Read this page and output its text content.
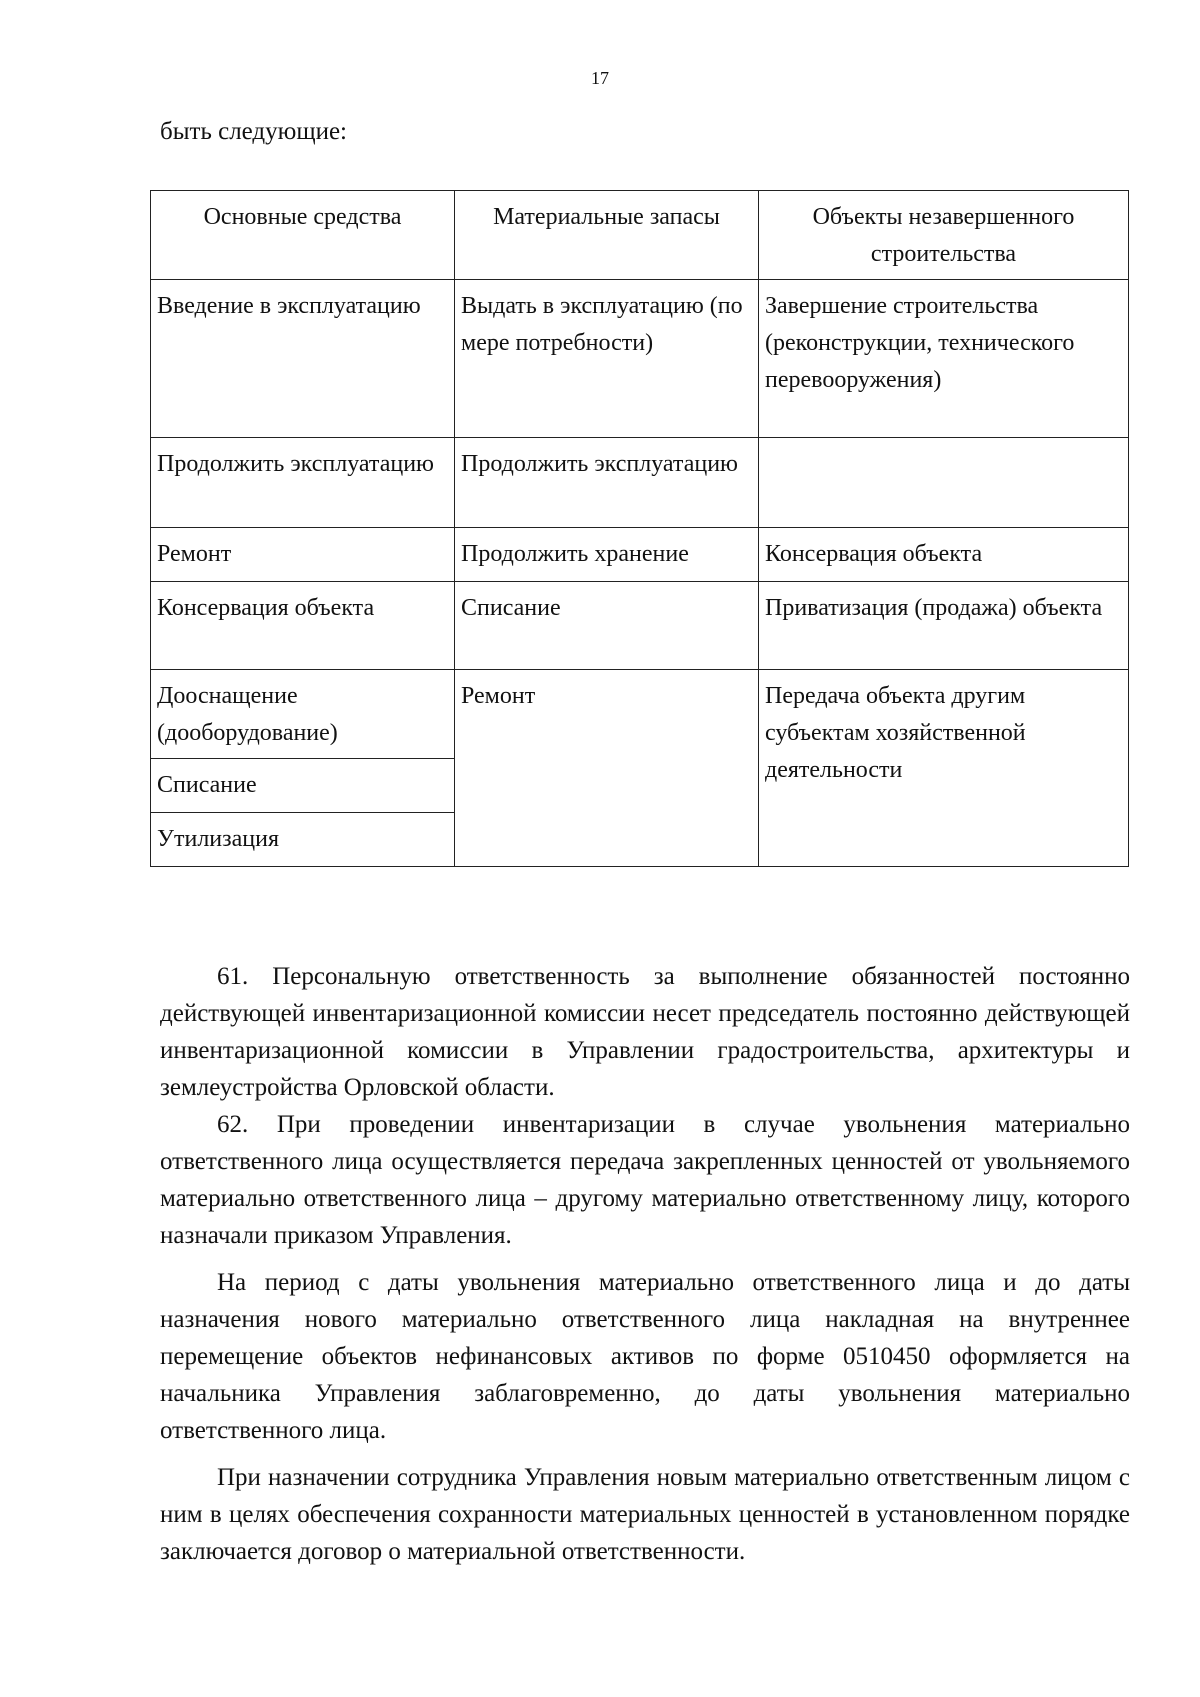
17
быть следующие:
Основные средства	Материальные запасы	Объекты незавершенного строительства
Введение в эксплуатацию	Выдать в эксплуатацию (по мере потребности)	Завершение строительства (реконструкции, технического перевооружения)
Продолжить эксплуатацию	Продолжить эксплуатацию	
Ремонт	Продолжить хранение	Консервация объекта
Консервация объекта	Списание	Приватизация (продажа) объекта
Дооснащение (дооборудование)	Ремонт	Передача объекта другим субъектам хозяйственной деятельности
Списание		
Утилизация		

61. Персональную ответственность за выполнение обязанностей постоянно действующей инвентаризационной комиссии несет председатель постоянно действующей инвентаризационной комиссии в Управлении градостроительства, архитектуры и землеустройства Орловской области.

62. При проведении инвентаризации в случае увольнения материально ответственного лица осуществляется передача закрепленных ценностей от увольняемого материально ответственного лица – другому материально ответственному лицу, которого назначали приказом Управления.

На период с даты увольнения материально ответственного лица и до даты назначения нового материально ответственного лица накладная на внутреннее перемещение объектов нефинансовых активов по форме 0510450 оформляется на начальника Управления заблаговременно, до даты увольнения материально ответственного лица.

При назначении сотрудника Управления новым материально ответственным лицом с ним в целях обеспечения сохранности материальных ценностей в установленном порядке заключается договор о материальной ответственности.
